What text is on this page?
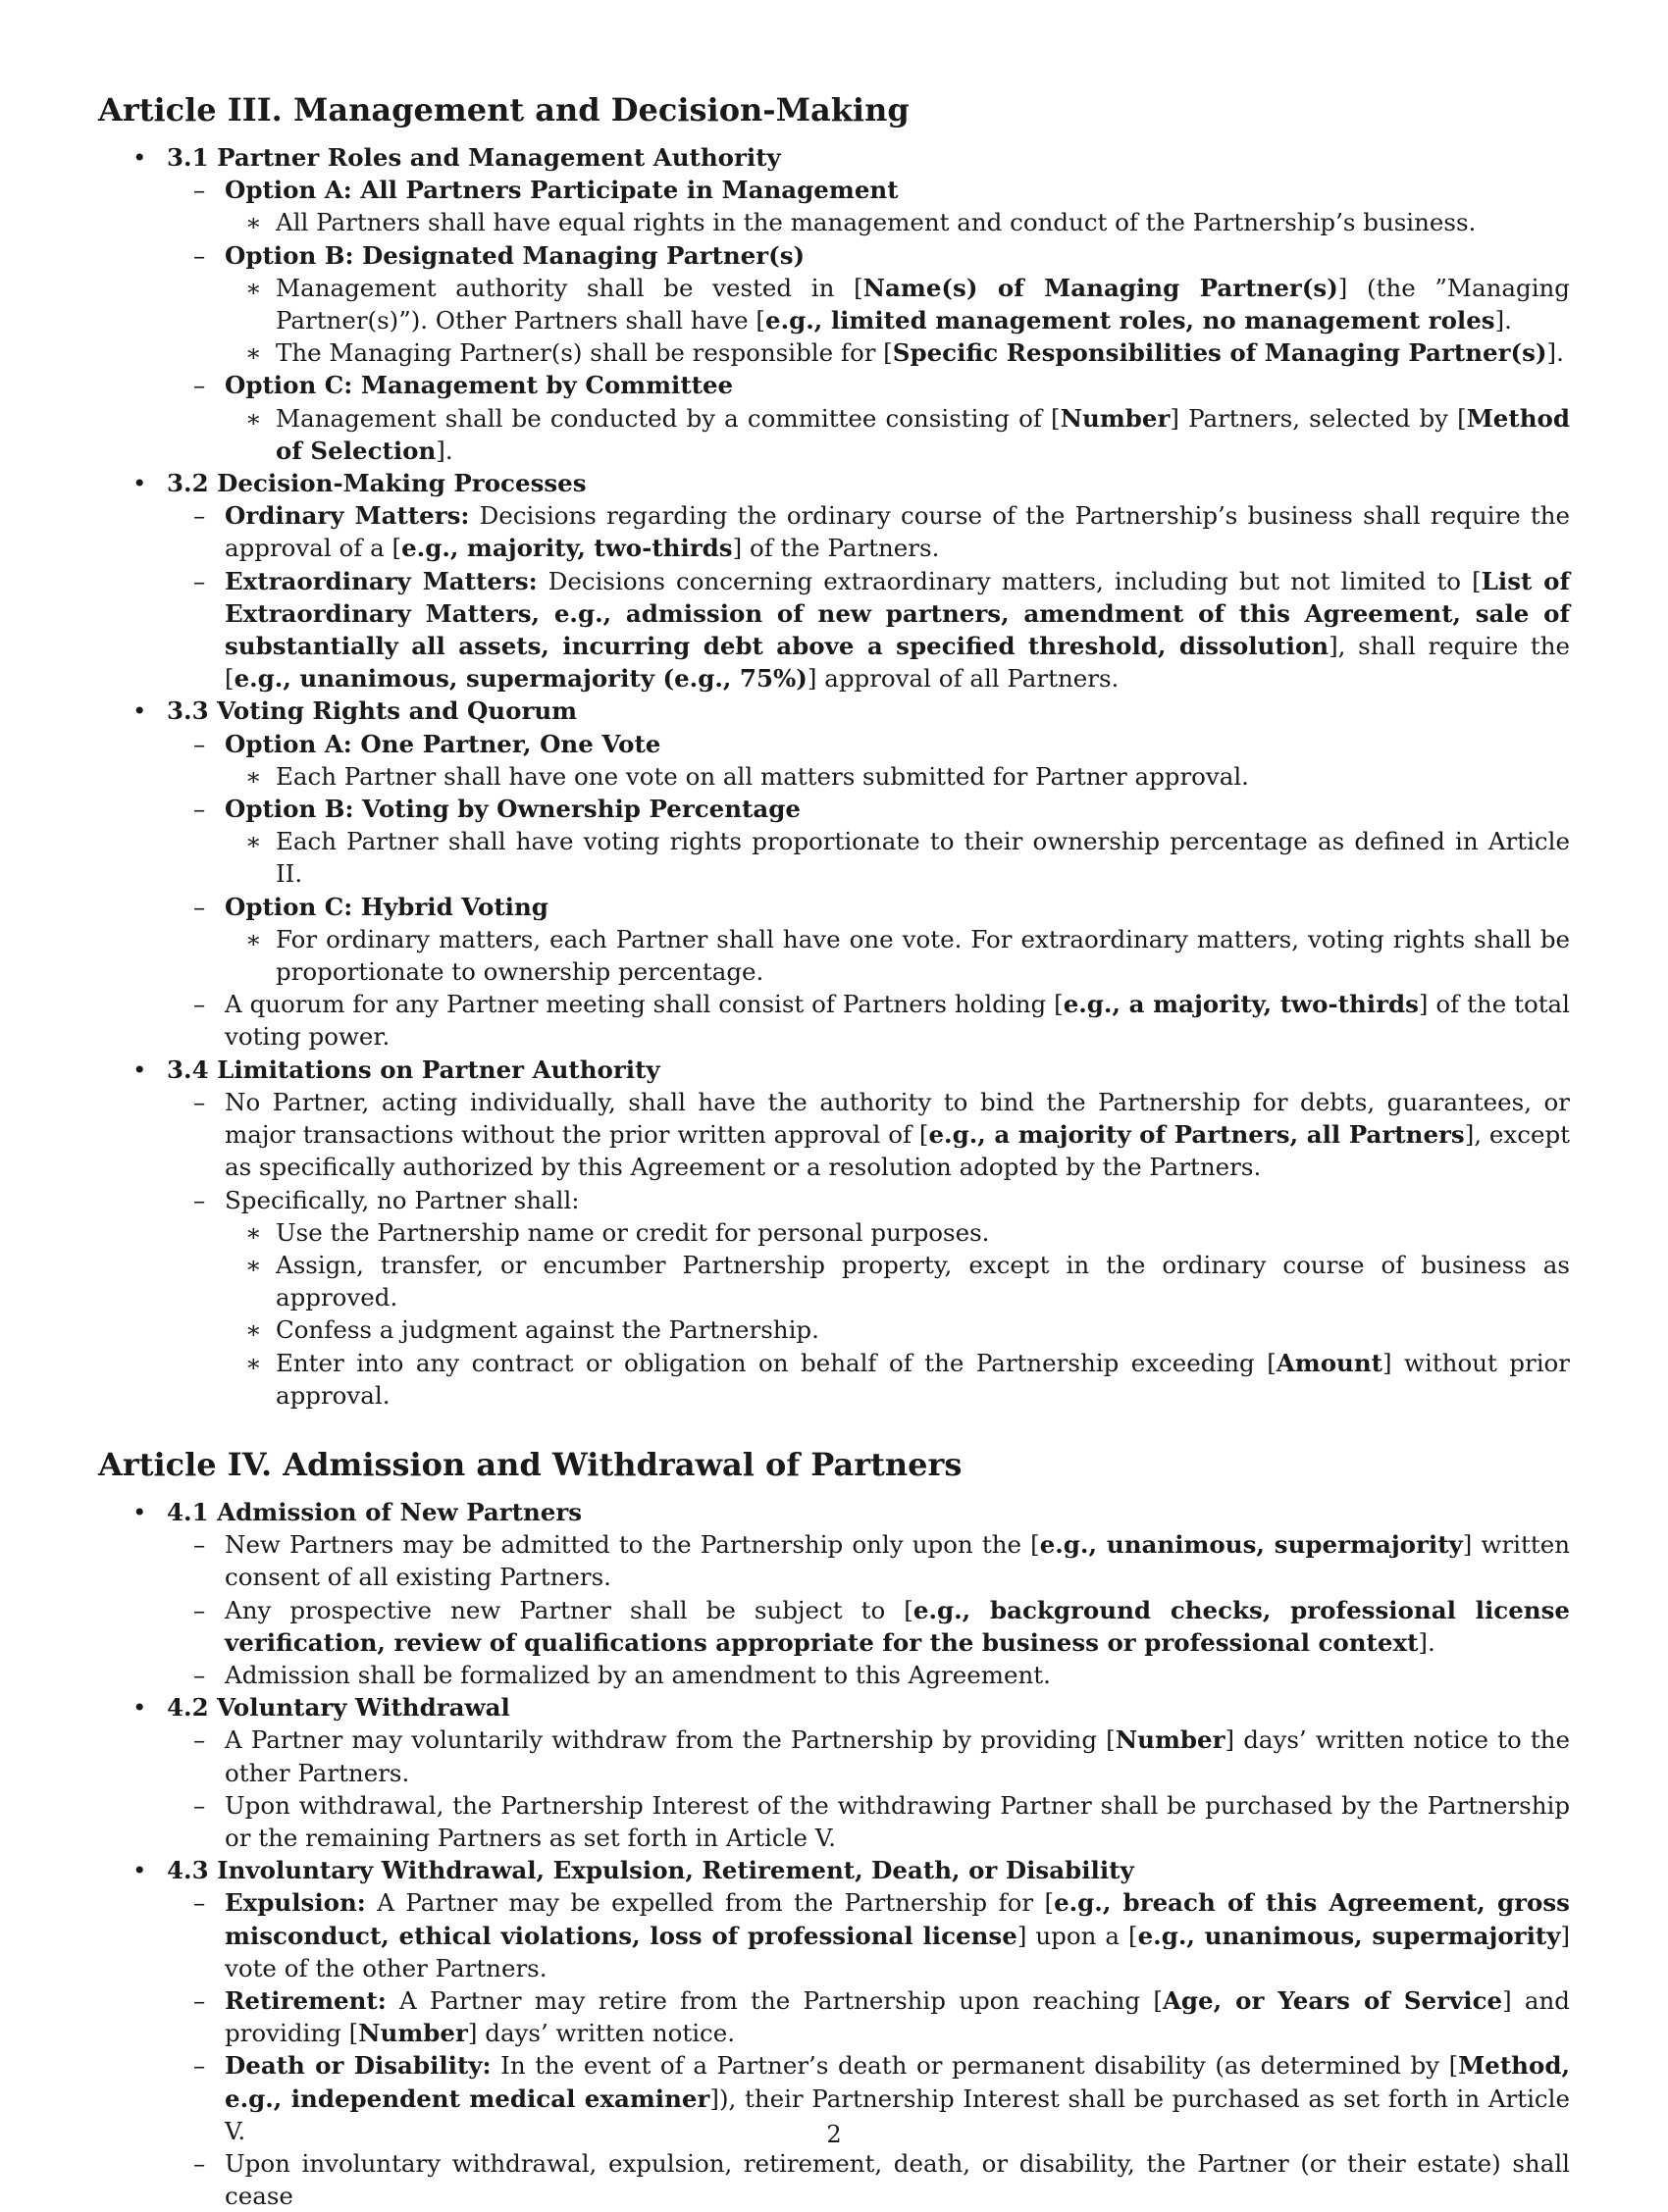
Article III. Management and Decision-Making
• 3.1 Partner Roles and Management Authority
– Option A: All Partners Participate in Management
∗ All Partners shall have equal rights in the management and conduct of the Partnership’s business.
– Option B: Designated Managing Partner(s)
∗ Management authority shall be vested in [Name(s) of Managing Partner(s)] (the ”Managing Partner(s)”). Other Partners shall have [e.g., limited management roles, no management roles].
∗ The Managing Partner(s) shall be responsible for [Specific Responsibilities of Managing Partner(s)].
– Option C: Management by Committee
∗ Management shall be conducted by a committee consisting of [Number] Partners, selected by [Method of Selection].
• 3.2 Decision-Making Processes
– Ordinary Matters: Decisions regarding the ordinary course of the Partnership’s business shall require the approval of a [e.g., majority, two-thirds] of the Partners.
– Extraordinary Matters: Decisions concerning extraordinary matters, including but not limited to [List of Extraordinary Matters, e.g., admission of new partners, amendment of this Agreement, sale of substantially all assets, incurring debt above a specified threshold, dissolution], shall require the [e.g., unanimous, supermajority (e.g., 75%)] approval of all Partners.
• 3.3 Voting Rights and Quorum
– Option A: One Partner, One Vote
∗ Each Partner shall have one vote on all matters submitted for Partner approval.
– Option B: Voting by Ownership Percentage
∗ Each Partner shall have voting rights proportionate to their ownership percentage as defined in Article II.
– Option C: Hybrid Voting
∗ For ordinary matters, each Partner shall have one vote. For extraordinary matters, voting rights shall be proportionate to ownership percentage.
– A quorum for any Partner meeting shall consist of Partners holding [e.g., a majority, two-thirds] of the total voting power.
• 3.4 Limitations on Partner Authority
– No Partner, acting individually, shall have the authority to bind the Partnership for debts, guarantees, or major transactions without the prior written approval of [e.g., a majority of Partners, all Partners], except as specifically authorized by this Agreement or a resolution adopted by the Partners.
– Specifically, no Partner shall:
∗ Use the Partnership name or credit for personal purposes.
∗ Assign, transfer, or encumber Partnership property, except in the ordinary course of business as approved.
∗ Confess a judgment against the Partnership.
∗ Enter into any contract or obligation on behalf of the Partnership exceeding [Amount] without prior approval.
Article IV. Admission and Withdrawal of Partners
• 4.1 Admission of New Partners
– New Partners may be admitted to the Partnership only upon the [e.g., unanimous, supermajority] written consent of all existing Partners.
– Any prospective new Partner shall be subject to [e.g., background checks, professional license verification, review of qualifications appropriate for the business or professional context].
– Admission shall be formalized by an amendment to this Agreement.
• 4.2 Voluntary Withdrawal
– A Partner may voluntarily withdraw from the Partnership by providing [Number] days’ written notice to the other Partners.
– Upon withdrawal, the Partnership Interest of the withdrawing Partner shall be purchased by the Partnership or the remaining Partners as set forth in Article V.
• 4.3 Involuntary Withdrawal, Expulsion, Retirement, Death, or Disability
– Expulsion: A Partner may be expelled from the Partnership for [e.g., breach of this Agreement, gross misconduct, ethical violations, loss of professional license] upon a [e.g., unanimous, supermajority] vote of the other Partners.
– Retirement: A Partner may retire from the Partnership upon reaching [Age, or Years of Service] and providing [Number] days’ written notice.
– Death or Disability: In the event of a Partner’s death or permanent disability (as determined by [Method, e.g., independent medical examiner]), their Partnership Interest shall be purchased as set forth in Article V.
– Upon involuntary withdrawal, expulsion, retirement, death, or disability, the Partner (or their estate) shall cease
2
